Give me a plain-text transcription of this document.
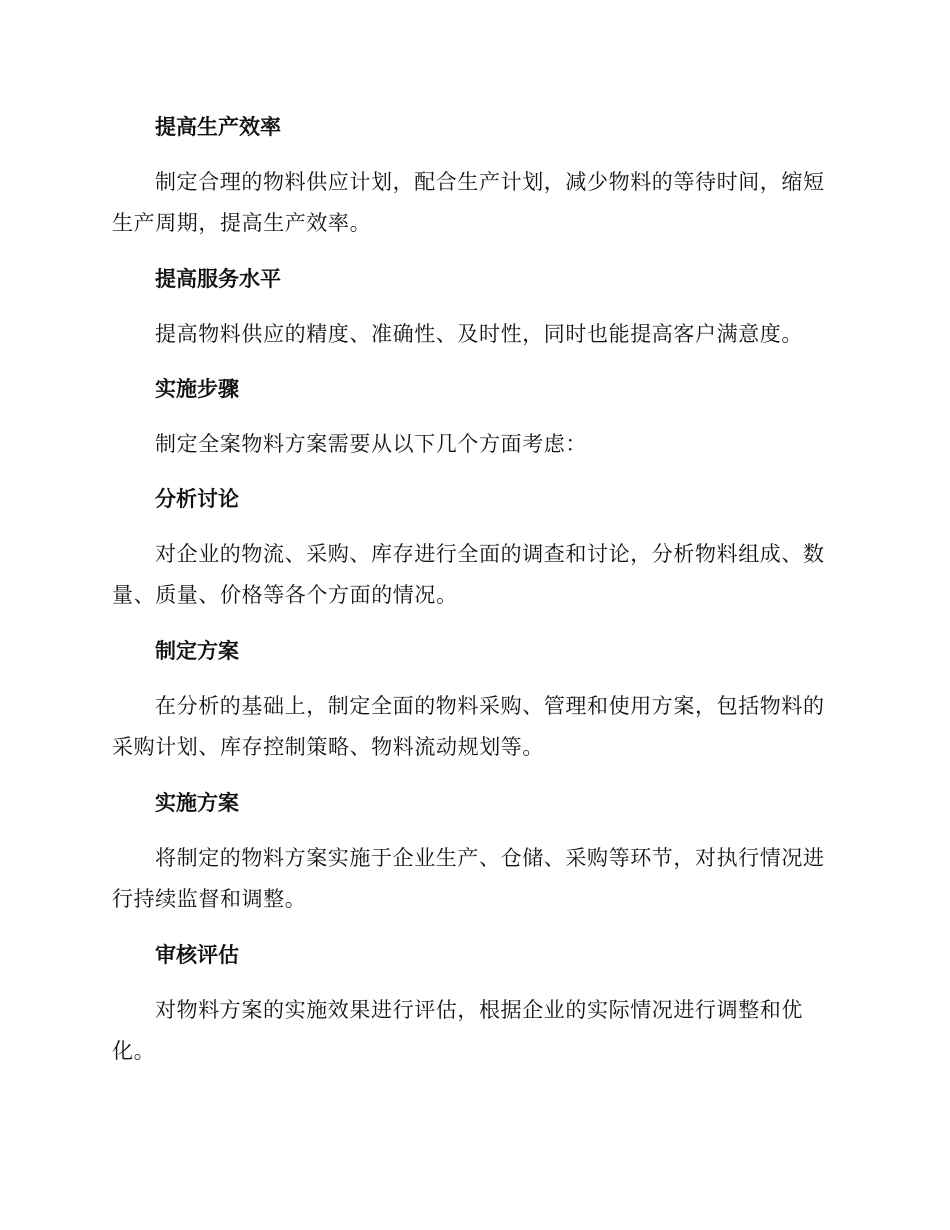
提高生产效率

制定合理的物料供应计划，配合生产计划，减少物料的等待时间，缩短生产周期，提高生产效率。

提高服务水平

提高物料供应的精度、准确性、及时性，同时也能提高客户满意度。

实施步骤

制定全案物料方案需要从以下几个方面考虑：

分析讨论

对企业的物流、采购、库存进行全面的调查和讨论，分析物料组成、数量、质量、价格等各个方面的情况。

制定方案

在分析的基础上，制定全面的物料采购、管理和使用方案，包括物料的采购计划、库存控制策略、物料流动规划等。

实施方案

将制定的物料方案实施于企业生产、仓储、采购等环节，对执行情况进行持续监督和调整。

审核评估

对物料方案的实施效果进行评估，根据企业的实际情况进行调整和优化。
